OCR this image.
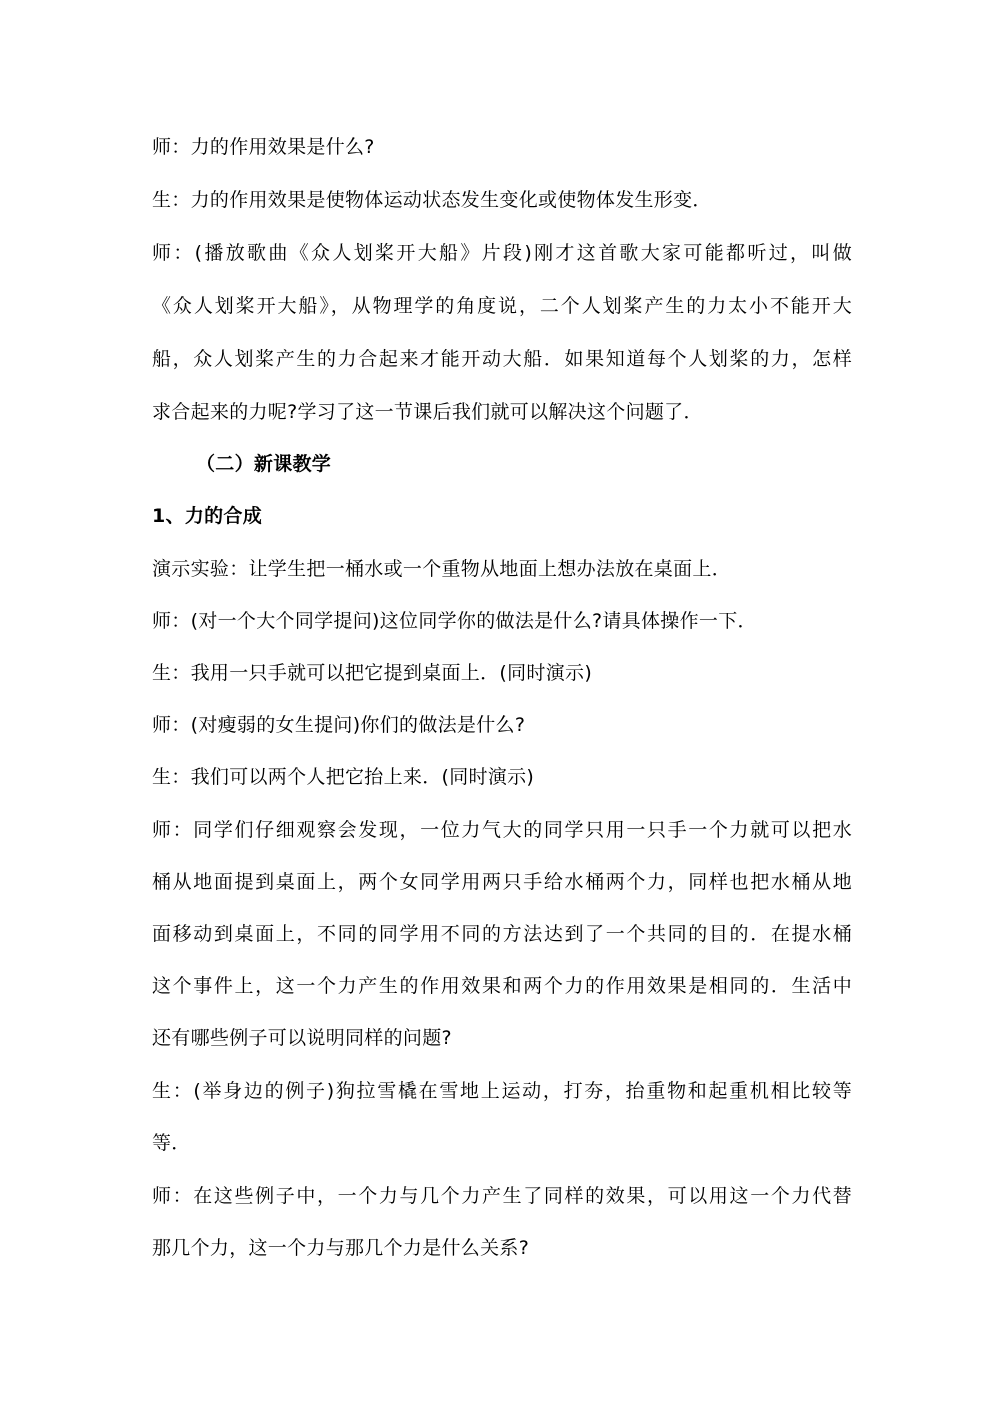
师：力的作用效果是什么?
生：力的作用效果是使物体运动状态发生变化或使物体发生形变．
师：(播放歌曲《众人划桨开大船》片段)刚才这首歌大家可能都听过，叫做
《众人划桨开大船》，从物理学的角度说，二个人划桨产生的力太小不能开大
船，众人划桨产生的力合起来才能开动大船．如果知道每个人划桨的力，怎样
求合起来的力呢?学习了这一节课后我们就可以解决这个问题了．
（二）新课教学
1、力的合成
演示实验：让学生把一桶水或一个重物从地面上想办法放在桌面上．
师：(对一个大个同学提问)这位同学你的做法是什么?请具体操作一下．
生：我用一只手就可以把它提到桌面上．(同时演示)
师：(对瘦弱的女生提问)你们的做法是什么?
生：我们可以两个人把它抬上来．(同时演示)
师：同学们仔细观察会发现，一位力气大的同学只用一只手一个力就可以把水
桶从地面提到桌面上，两个女同学用两只手给水桶两个力，同样也把水桶从地
面移动到桌面上，不同的同学用不同的方法达到了一个共同的目的．在提水桶
这个事件上，这一个力产生的作用效果和两个力的作用效果是相同的．生活中
还有哪些例子可以说明同样的问题?
生：(举身边的例子)狗拉雪橇在雪地上运动，打夯，抬重物和起重机相比较等
等．
师：在这些例子中，一个力与几个力产生了同样的效果，可以用这一个力代替
那几个力，这一个力与那几个力是什么关系?
